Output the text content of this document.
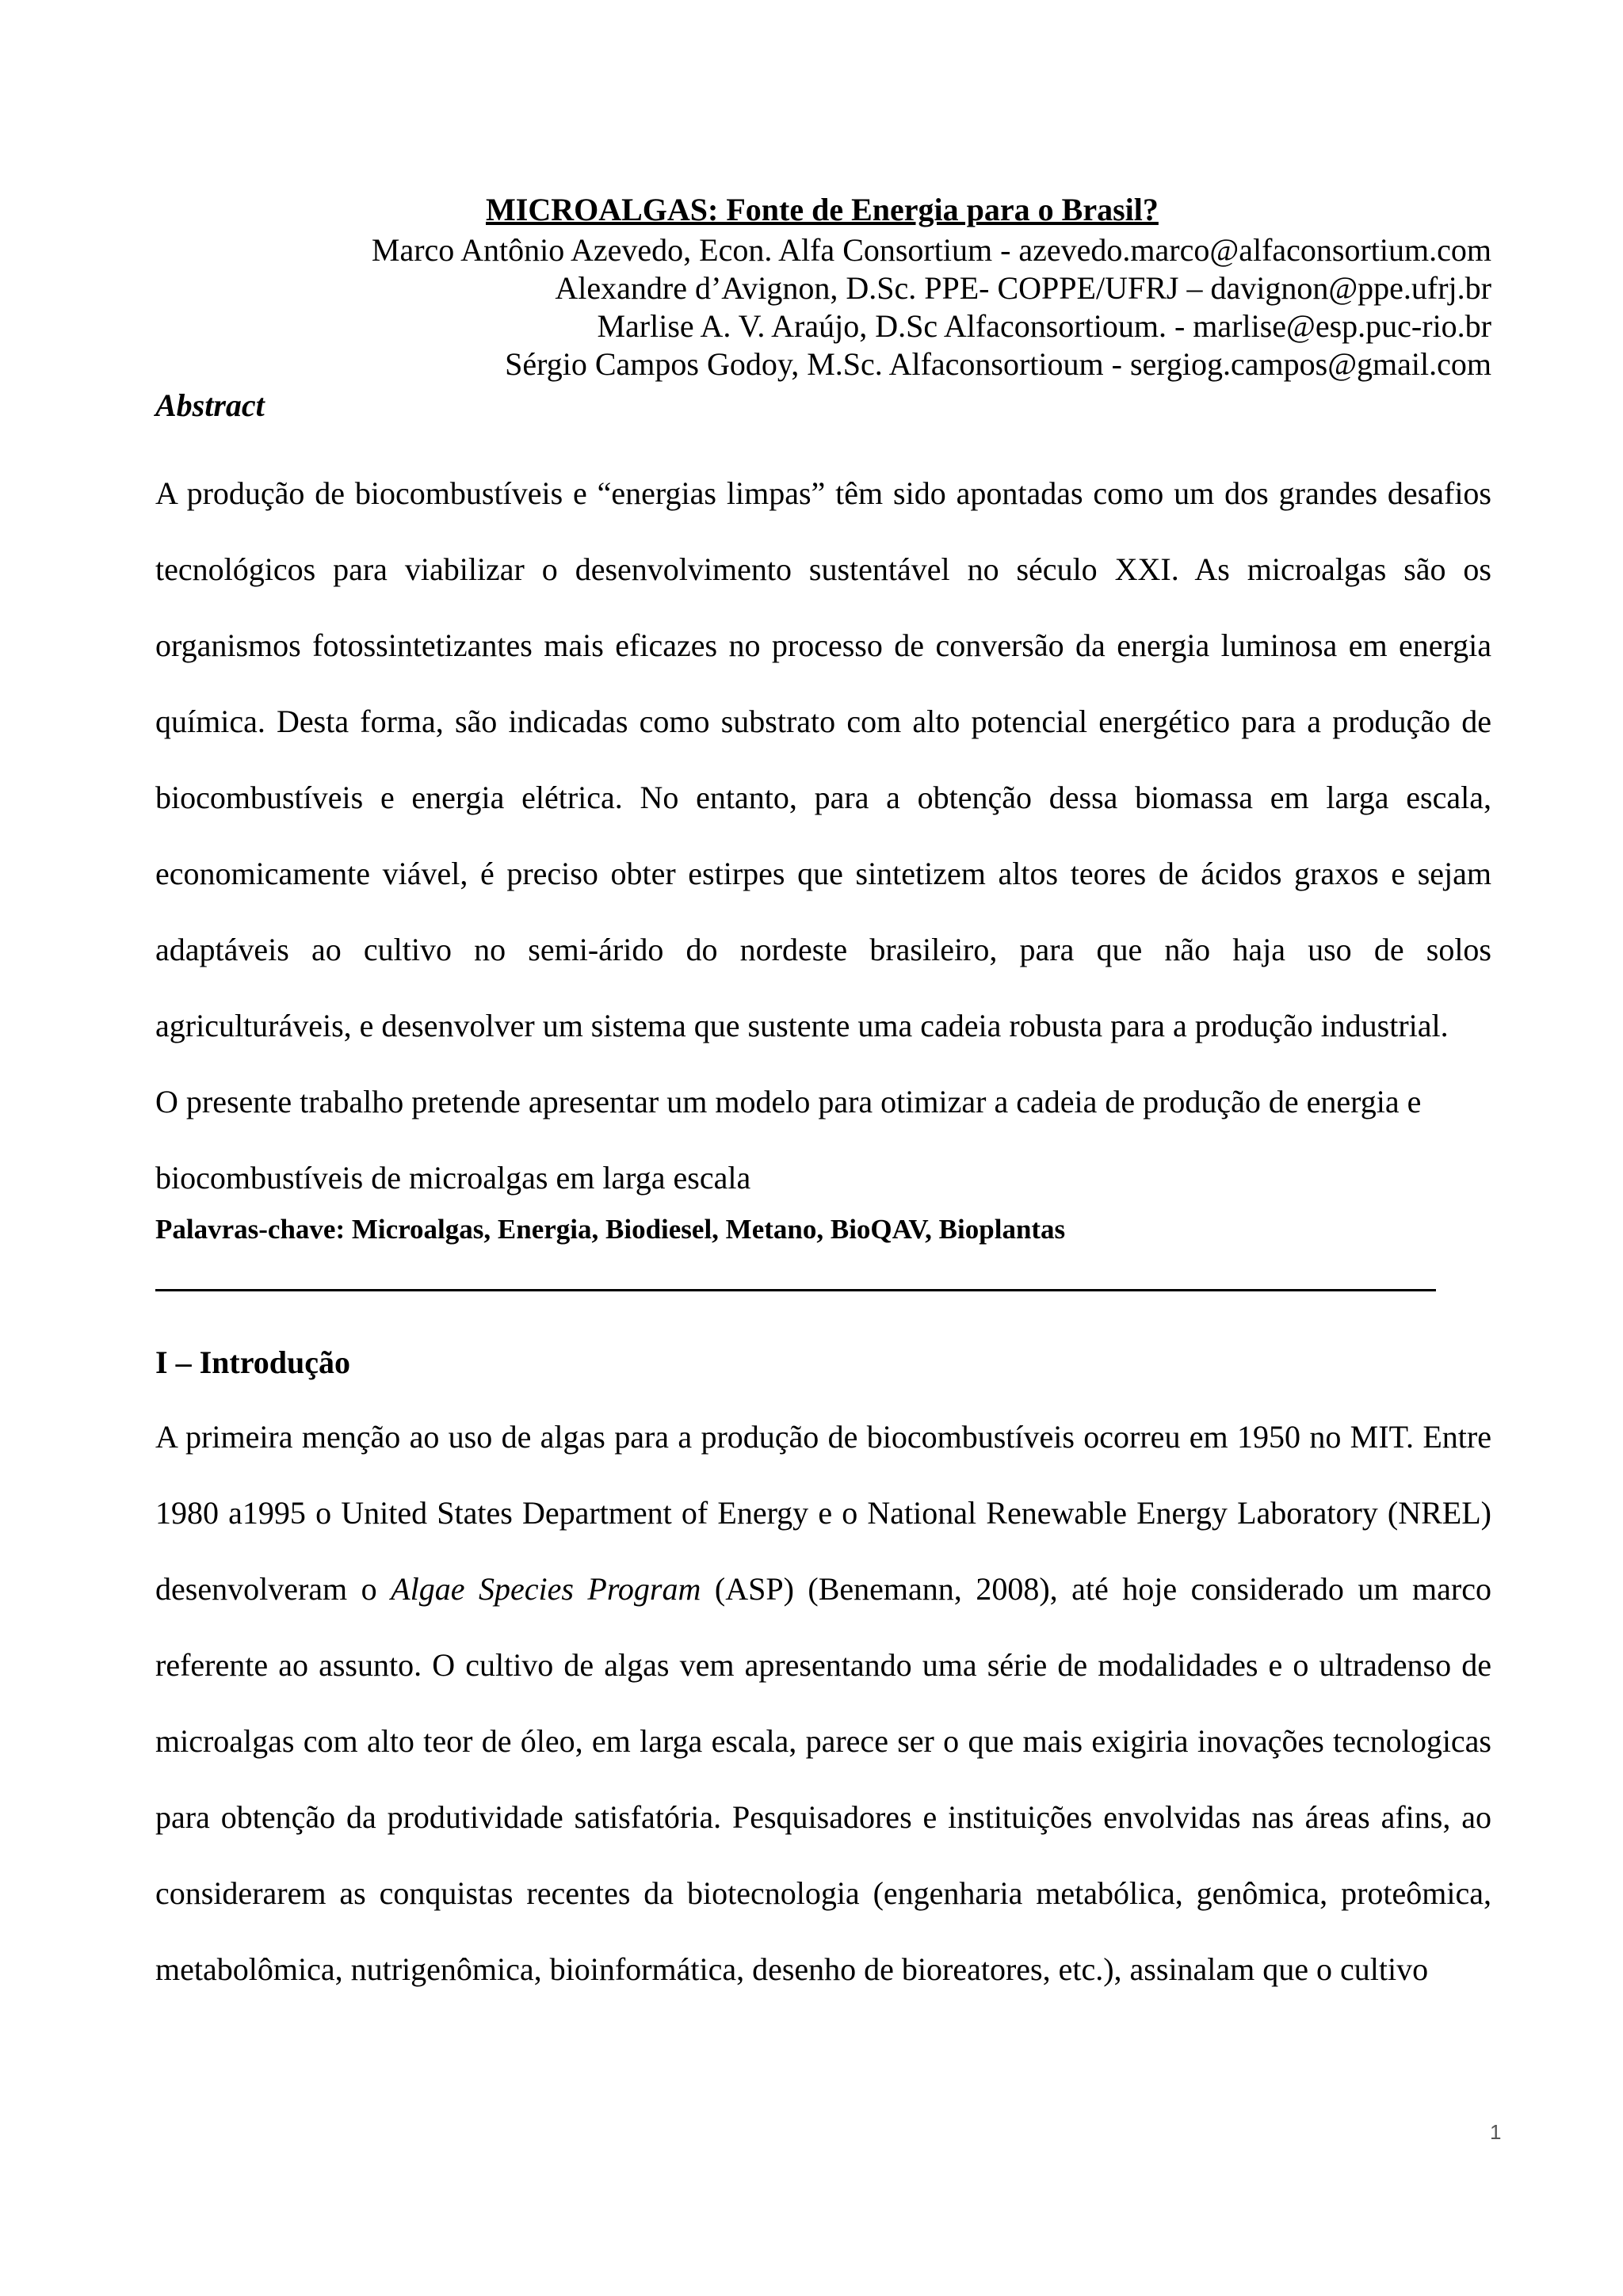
MICROALGAS: Fonte de Energia para o Brasil?
Marco Antônio Azevedo, Econ. Alfa Consortium - azevedo.marco@alfaconsortium.com
Alexandre d’Avignon, D.Sc. PPE- COPPE/UFRJ – davignon@ppe.ufrj.br
Marlise A. V. Araújo, D.Sc Alfaconsortioum. - marlise@esp.puc-rio.br
Sérgio Campos Godoy, M.Sc. Alfaconsortioum - sergiog.campos@gmail.com
Abstract
A produção de biocombustíveis e “energias limpas” têm sido apontadas como um dos grandes desafios tecnológicos para viabilizar o desenvolvimento sustentável no século XXI. As microalgas são os organismos fotossintetizantes mais eficazes no processo de conversão da energia luminosa em energia química. Desta forma, são indicadas como substrato com alto potencial energético para a produção de biocombustíveis e energia elétrica. No entanto, para a obtenção dessa biomassa em larga escala, economicamente viável, é preciso obter estirpes que sintetizem altos teores de ácidos graxos e sejam adaptáveis ao cultivo no semi-árido do nordeste brasileiro, para que não haja uso de solos agriculturáveis, e desenvolver um sistema que sustente uma cadeia robusta para a produção industrial.
O presente trabalho pretende apresentar um modelo para otimizar a cadeia de produção de energia e biocombustíveis de microalgas em larga escala
Palavras-chave: Microalgas, Energia, Biodiesel, Metano, BioQAV, Bioplantas
I – Introdução

A primeira menção ao uso de algas para a produção de biocombustíveis ocorreu em 1950 no MIT. Entre 1980 a1995 o United States Department of Energy e o National Renewable Energy Laboratory (NREL) desenvolveram o Algae Species Program (ASP) (Benemann, 2008), até hoje considerado um marco referente ao assunto. O cultivo de algas vem apresentando uma série de modalidades e o ultradenso de microalgas com alto teor de óleo, em larga escala, parece ser o que mais exigiria inovações tecnologicas para obtenção da produtividade satisfatória. Pesquisadores e instituições envolvidas nas áreas afins, ao considerarem as conquistas recentes da biotecnologia (engenharia metabólica, genômica, proteômica, metabolômica, nutrigenômica, bioinformática, desenho de bioreatores, etc.), assinalam que o cultivo

1
